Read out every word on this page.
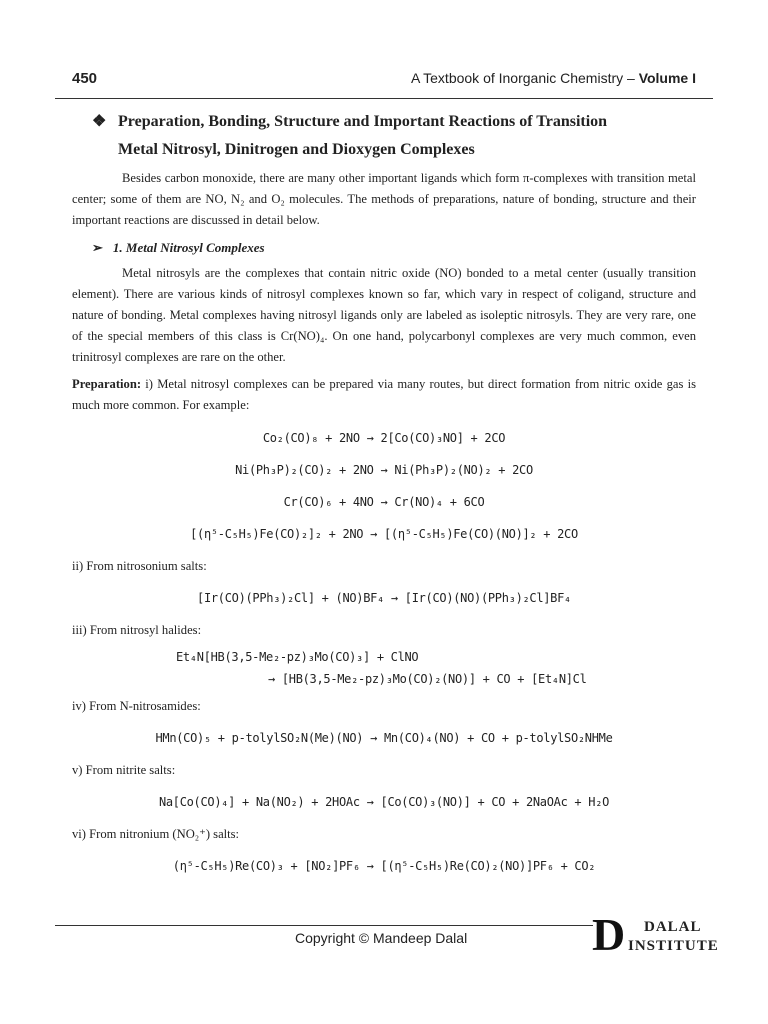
450	A Textbook of Inorganic Chemistry – Volume I
❖ Preparation, Bonding, Structure and Important Reactions of Transition
Metal Nitrosyl, Dinitrogen and Dioxygen Complexes

Besides carbon monoxide, there are many other important ligands which form π-complexes with transition metal center; some of them are NO, N₂ and O₂ molecules. The methods of preparations, nature of bonding, structure and their important reactions are discussed in detail below.

➢ 1. Metal Nitrosyl Complexes

Metal nitrosyls are the complexes that contain nitric oxide (NO) bonded to a metal center (usually transition element). There are various kinds of nitrosyl complexes known so far, which vary in respect of coligand, structure and nature of bonding. Metal complexes having nitrosyl ligands only are labeled as isoleptic nitrosyls. They are very rare, one of the special members of this class is Cr(NO)₄. On one hand, polycarbonyl complexes are very much common, even trinitrosyl complexes are rare on the other.

Preparation: i) Metal nitrosyl complexes can be prepared via many routes, but direct formation from nitric oxide gas is much more common. For example:

Co₂(CO)₈ + 2NO → 2[Co(CO)₃NO] + 2CO
Ni(Ph₃P)₂(CO)₂ + 2NO → Ni(Ph₃P)₂(NO)₂ + 2CO
Cr(CO)₆ + 4NO → Cr(NO)₄ + 6CO
[(η⁵-C₅H₅)Fe(CO)₂]₂ + 2NO → [(η⁵-C₅H₅)Fe(CO)(NO)]₂ + 2CO
ii) From nitrosonium salts:
[Ir(CO)(PPh₃)₂Cl] + (NO)BF₄ → [Ir(CO)(NO)(PPh₃)₂Cl]BF₄
iii) From nitrosyl halides:
Et₄N[HB(3,5-Me₂-pz)₃Mo(CO)₃] + ClNO
→ [HB(3,5-Me₂-pz)₃Mo(CO)₂(NO)] + CO + [Et₄N]Cl
iv) From N-nitrosamides:
HMn(CO)₅ + p-tolylSO₂N(Me)(NO) → Mn(CO)₄(NO) + CO + p-tolylSO₂NHMe
v) From nitrite salts:
Na[Co(CO)₄] + Na(NO₂) + 2HOAc → [Co(CO)₃(NO)] + CO + 2NaOAc + H₂O
vi) From nitronium (NO₂⁺) salts:
(η⁵-C₅H₅)Re(CO)₃ + [NO₂]PF₆ → [(η⁵-C₅H₅)Re(CO)₂(NO)]PF₆ + CO₂
Copyright © Mandeep Dalal	D DALAL
INSTITUTE
